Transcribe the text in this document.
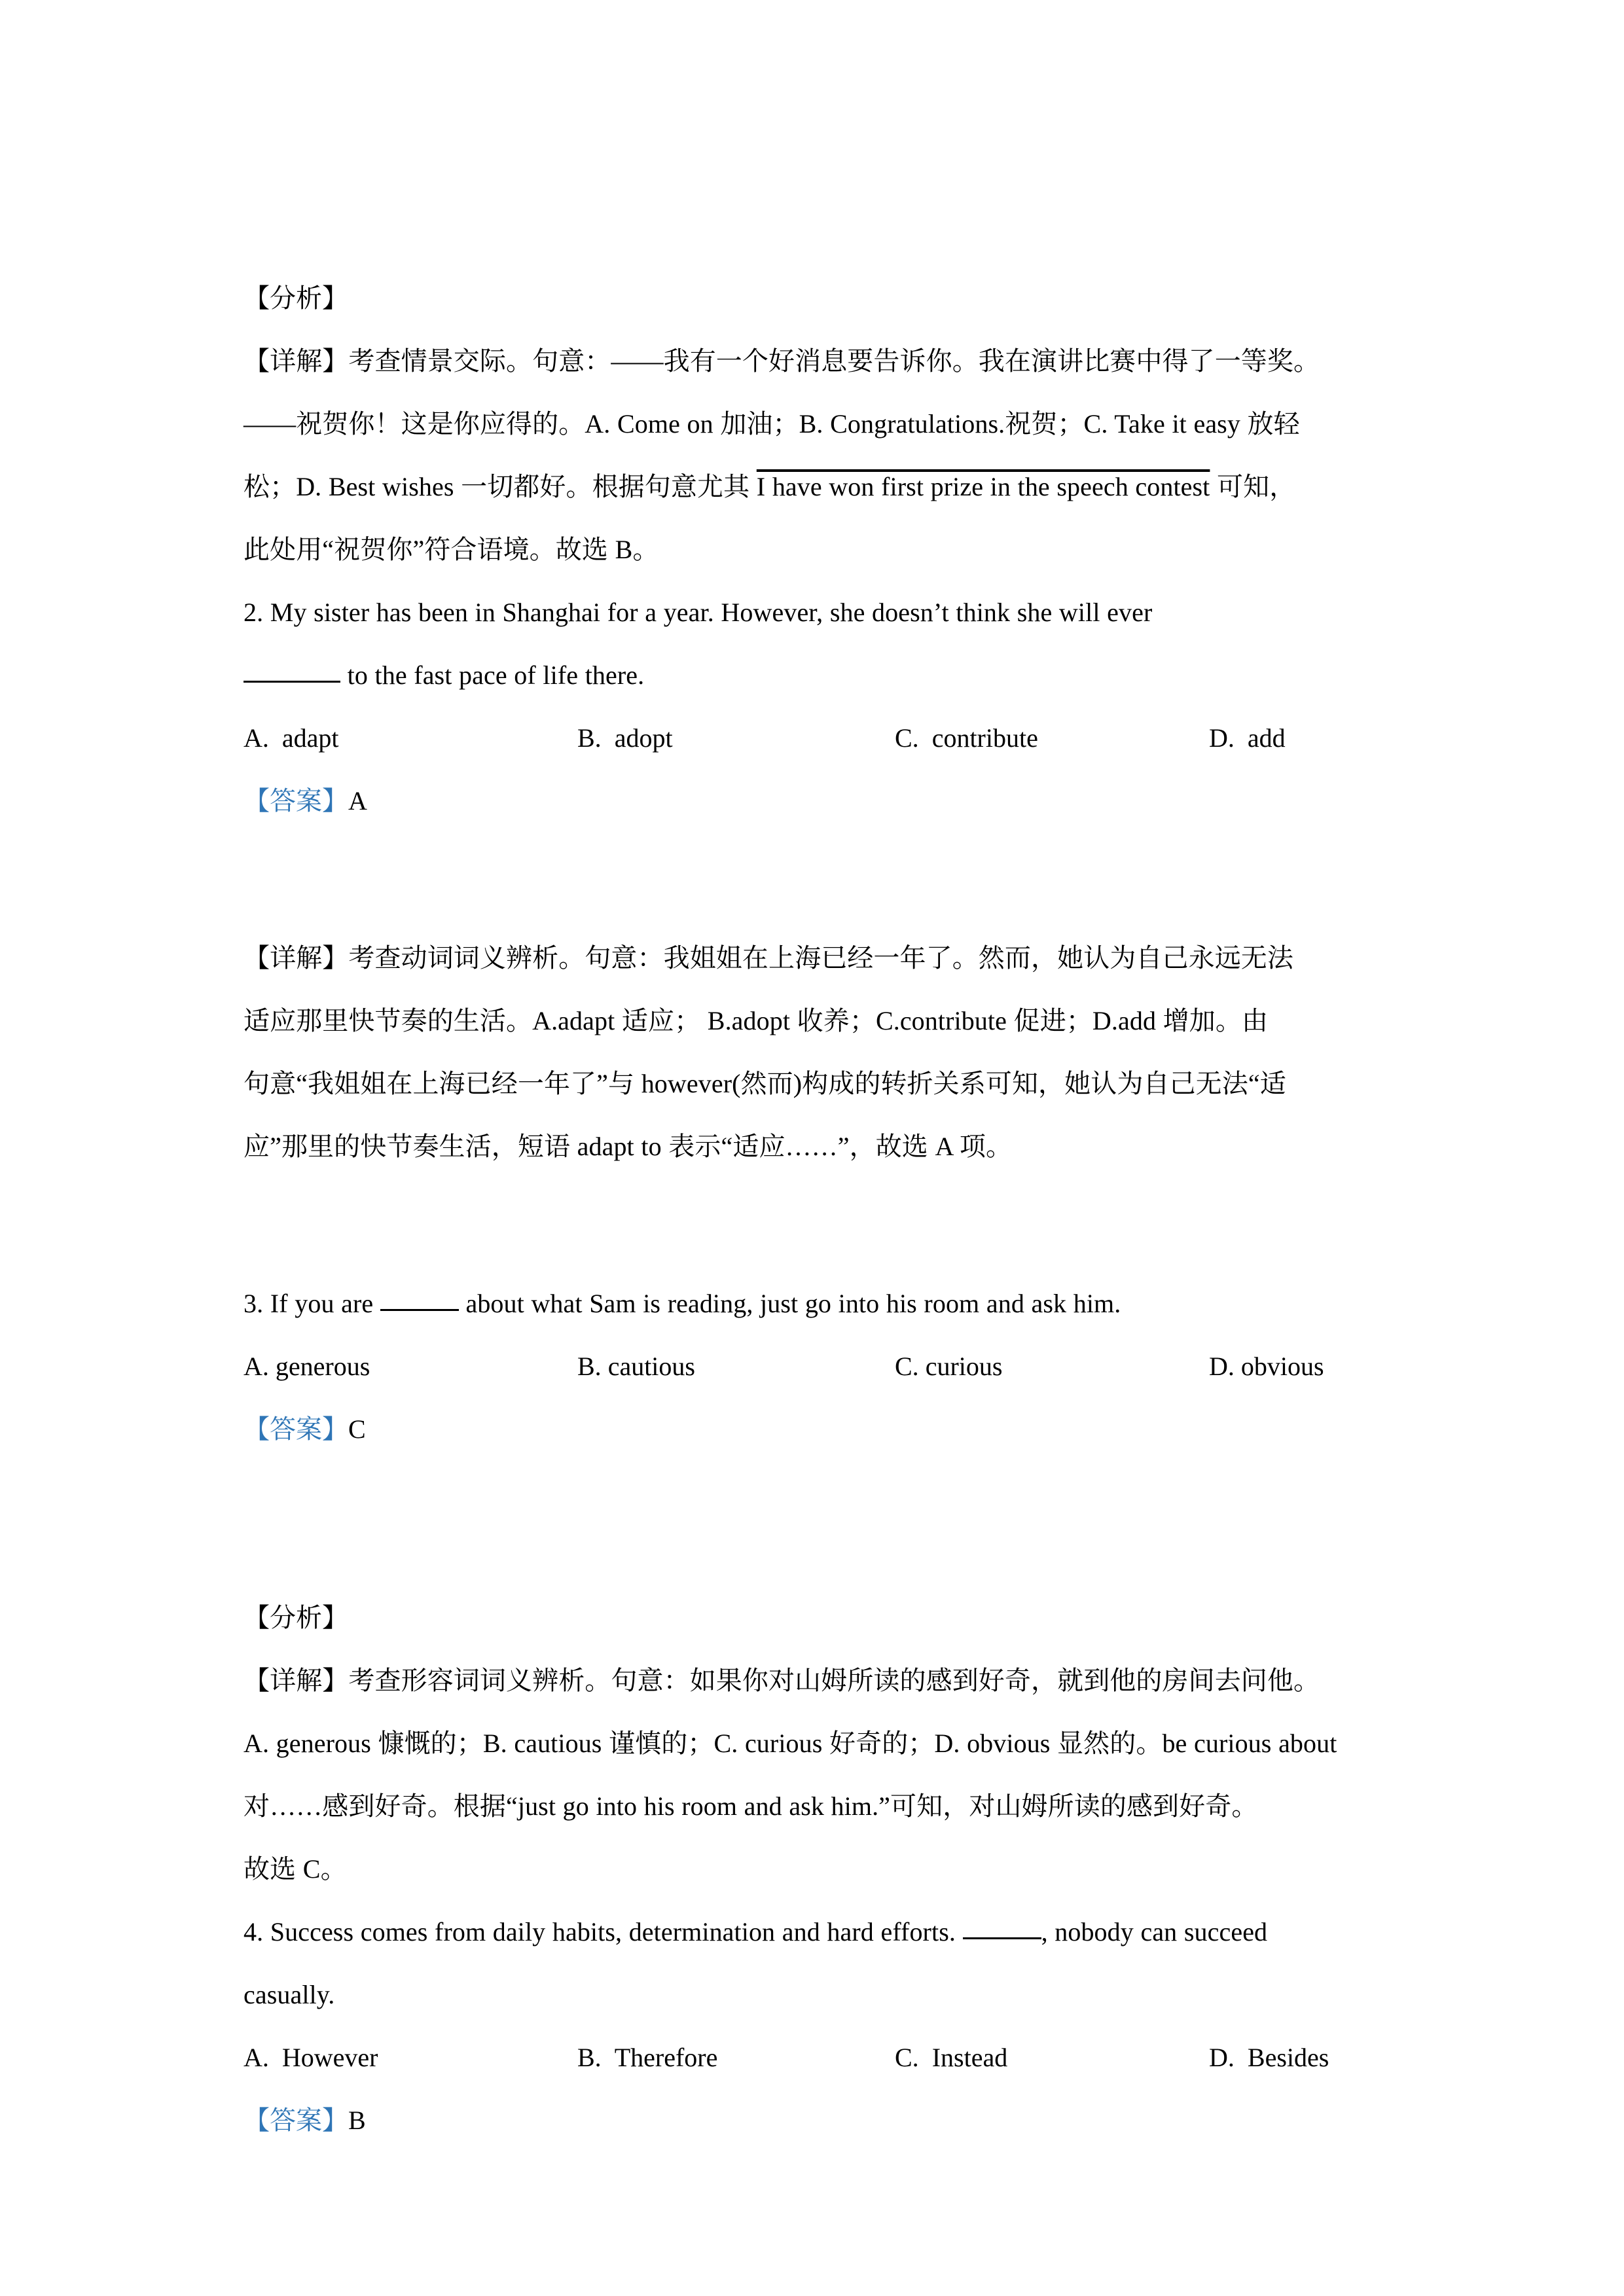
【分析】
【详解】考查情景交际。句意：——我有一个好消息要告诉你。我在演讲比赛中得了一等奖。
——祝贺你！这是你应得的。A. Come on 加油；B. Congratulations.祝贺；C. Take it easy 放轻
松；D. Best wishes 一切都好。根据句意尤其 I have won first prize in the speech contest 可知，
此处用“祝贺你”符合语境。故选 B。
2. My sister has been in Shanghai for a year. However, she doesn’t think she will ever
to the fast pace of life there.
A. adapt	B. adopt	C. contribute	D. add
【答案】A
【详解】考查动词词义辨析。句意：我姐姐在上海已经一年了。然而，她认为自己永远无法
适应那里快节奏的生活。A.adapt 适应； B.adopt 收养；C.contribute 促进；D.add 增加。由
句意“我姐姐在上海已经一年了”与 however(然而)构成的转折关系可知，她认为自己无法“适
应”那里的快节奏生活，短语 adapt to 表示“适应……”，故选 A 项。
3. If you are	about what Sam is reading, just go into his room and ask him.
A. generous	B. cautious	C. curious	D. obvious
【答案】C
【分析】
【详解】考查形容词词义辨析。句意：如果你对山姆所读的感到好奇，就到他的房间去问他。
A. generous 慷慨的；B. cautious 谨慎的；C. curious 好奇的；D. obvious 显然的。be curious about
对……感到好奇。根据“just go into his room and ask him.”可知，对山姆所读的感到好奇。
故选 C。
4. Success comes from daily habits, determination and hard efforts.	, nobody can succeed
casually.
A. However	B. Therefore	C. Instead	D. Besides
【答案】B
